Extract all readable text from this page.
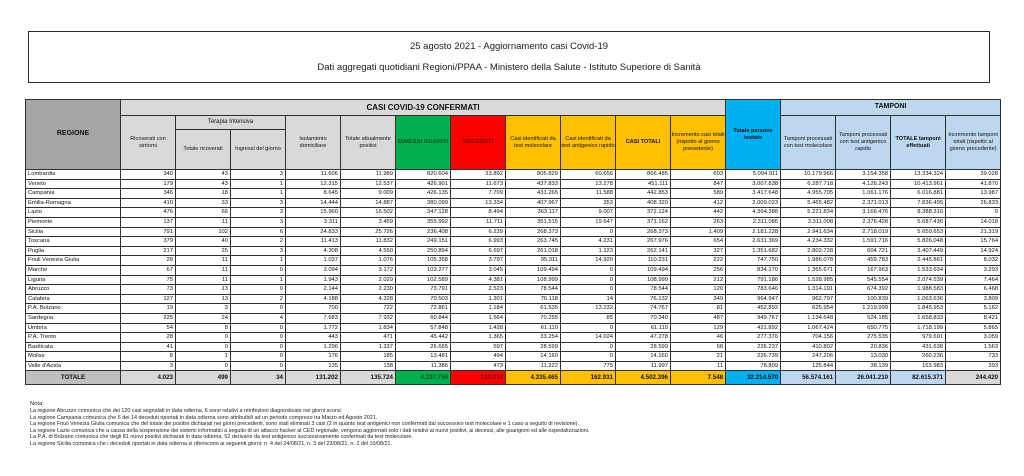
25 agosto 2021 - Aggiornamento casi Covid-19
Dati aggregati quotidiani Regioni/PPAA - Ministero della Salute - Istituto Superiore di Sanità
REGIONE	CASI COVID-19 CONFERMATI											Totale persone testate	TAMPONI			
	Ricoverati con sintomi	Terapia Intensiva		Isolamento domiciliare	Totale attualmente positivi	DIMESSI GUARITI	DECEDUTI	Casi identificati da test molecolare	Casi identificati da test antigenico rapido	CASI TOTALI	Incremento casi totali (rispetto al giorno precedente)		Tamponi processati con test molecolare	Tamponi processati con test antigenico rapido	TOTALE tamponi effettuati	Incremento tamponi totali (rispetto al giorno precedente)
		Totale ricoverati	Ingressi del giorno													
Lombardia	340	43	3	11.606	11.989	820.604	33.892	805.829	60.656	866.485	603	5.094.911	10.179.966	3.154.358	13.334.324	39.028
Veneto	179	43	1	12.315	12.537	426.901	11.673	437.833	13.278	451.111	847	3.007.838	6.287.718	4.126.243	10.413.961	41.870
Campania	346	18	1	8.645	9.009	426.135	7.709	431.265	11.588	442.853	589	3.417.648	4.955.705	1.061.176	6.016.881	13.987
Emilia-Romagna	410	33	3	14.444	14.887	380.099	13.334	407.967	353	408.320	412	2.009.023	5.465.482	2.371.013	7.836.495	26.833
Lazio	476	66	3	15.960	16.502	347.128	8.494	363.117	9.007	372.124	442	4.364.388	5.221.834	3.166.476	8.388.310	0
Piemonte	137	11	3	3.311	3.459	355.992	11.711	351.515	19.647	371.162	263	2.311.086	3.311.008	2.376.428	5.687.436	14.018
Sicilia	791	102	6	24.833	25.726	236.408	6.239	268.373	0	268.373	1.409	2.181.228	2.941.634	2.718.019	5.659.653	21.319
Toscana	379	40	2	11.413	11.832	249.151	6.993	263.745	4.231	267.976	654	2.631.369	4.234.332	1.591.716	5.826.048	15.764
Puglia	217	25	3	4.308	4.550	250.894	6.697	261.018	1.123	262.141	327	1.351.682	2.802.728	604.721	3.407.449	14.924
Friuli Venezia Giulia	28	11	1	1.037	1.076	105.358	3.797	95.311	14.920	110.231	222	747.750	1.986.078	459.783	2.445.861	8.032
Marche	67	11	0	3.094	3.172	103.277	3.045	109.494	0	109.494	256	834.170	1.365.671	167.963	1.533.634	3.293
Liguria	75	11	1	1.943	2.029	102.589	4.381	108.999	0	108.999	212	791.186	1.528.985	545.554	2.074.539	7.464
Abruzzo	73	13	0	2.144	2.230	73.791	2.523	78.544	0	78.544	120	783.646	1.314.191	674.392	1.988.583	6.468
Calabria	127	13	2	4.188	4.328	70.503	1.301	76.118	14	76.132	349	964.947	962.797	100.839	1.063.636	3.809
P.A. Bolzano	19	3	0	700	722	72.861	1.184	61.535	13.232	74.767	81	452.892	625.954	1.219.999	1.845.953	5.162
Sardegna	225	24	4	7.683	7.932	60.844	1.564	70.255	85	70.340	487	949.767	1.134.648	524.185	1.658.833	8.421
Umbria	54	8	0	1.772	1.834	57.848	1.428	61.110	0	61.110	129	421.892	1.067.424	650.775	1.718.199	5.865
P.A. Trento	28	0	0	443	471	45.442	1.365	33.254	14.024	47.278	46	277.376	704.156	275.535	979.691	3.059
Basilicata	41	0	0	1.296	1.337	26.665	597	28.599	0	28.599	68	226.237	410.802	20.836	431.638	1.563
Molise	8	1	0	176	185	13.481	494	14.160	0	14.160	21	226.739	247.206	13.030	260.236	733
Valle d'Aosta	3	0	0	135	138	11.386	473	11.222	775	11.997	11	78.809	125.844	38.139	163.983	393
TOTALE	4.023	499	34	131.202	135.724	4.237.759	128.914	4.335.465	162.931	4.502.396	7.548	32.214.570	56.574.161	26.041.210	82.615.371	244.420
Nota:
La regione Abruzzo comunica che dei 120 casi segnalati in data odierna, 6 sono relativi a reinfezioni diagnosticate nei giorni scorsi.
La regione Campania comunica che 6 dei 14 deceduti riportati in data odierna sono attribuibili ad un periodo compreso tra Marzo ed Agosto 2021.
La regione Friuli Venezia Giulia comunica che del totale dei positivi dichiarati nei giorni precedenti, sono stati eliminati 3 casi (2 in quanto test antigenici non confermati dal successivo test molecolare e 1 caso a seguito di revisione).
La regione Lazio comunica che a causa della sospensione dei sistemi informatici a seguito di un attacco hacker al CED regionale, vengono aggiornati solo i dati relativi ai nuovi positivi, ai decessi, alle guarigioni ed alle ospedalizzazioni.
La P.A. di Bolzano comunica che degli 81 nuovi positivi dichiarati in data odierna, 52 derivano da test antigenico successivamente confermati da test molecolare.
La regione Sicilia comunica che i deceduti riportati in data odierna si riferiscono ai seguenti giorni: n. 4 del 24/08/21, n. 3 del 23/08/21, n. 2 del 10/08/21.
